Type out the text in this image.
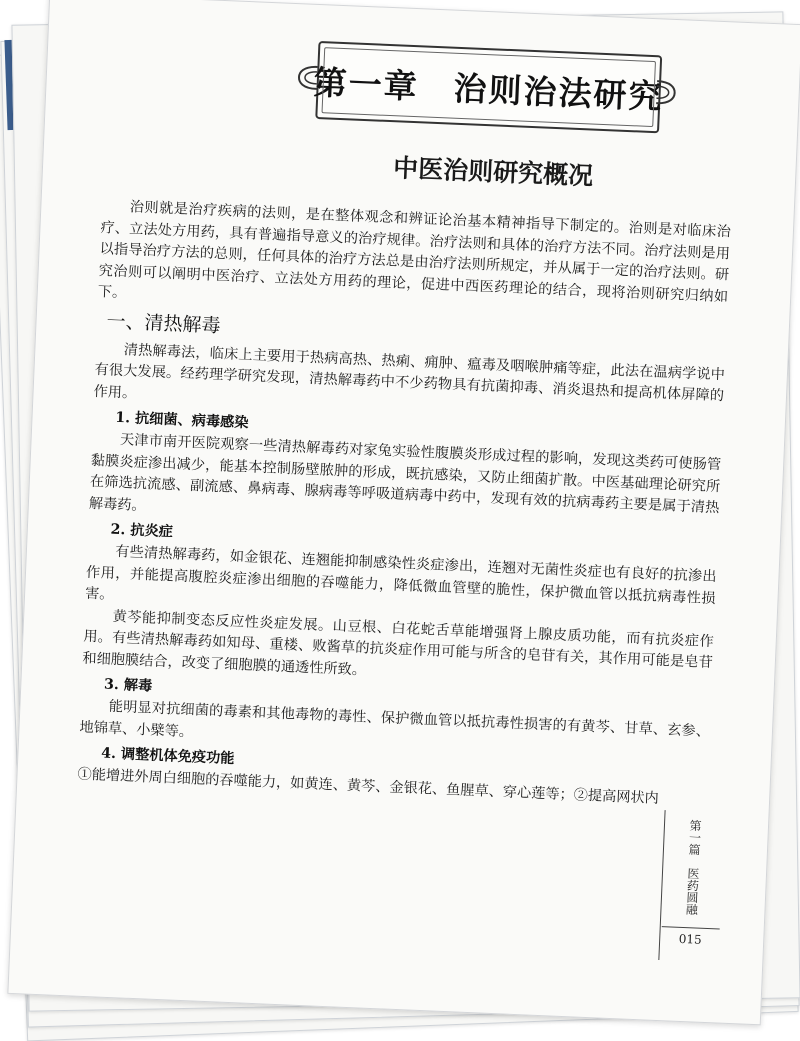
第一章　治则治法研究
中医治则研究概况

治则就是治疗疾病的法则，是在整体观念和辨证论治基本精神指导下制定的。治则是对临床治疗、立法处方用药，具有普遍指导意义的治疗规律。治疗法则和具体的治疗方法不同。治疗法则是用以指导治疗方法的总则，任何具体的治疗方法总是由治疗法则所规定，并从属于一定的治疗法则。研究治则可以阐明中医治疗、立法处方用药的理论，促进中西医药理论的结合，现将治则研究归纳如下。

一、清热解毒

清热解毒法，临床上主要用于热病高热、热痢、痈肿、瘟毒及咽喉肿痛等症，此法在温病学说中有很大发展。经药理学研究发现，清热解毒药中不少药物具有抗菌抑毒、消炎退热和提高机体屏障的作用。

1. 抗细菌、病毒感染

天津市南开医院观察一些清热解毒药对家兔实验性腹膜炎形成过程的影响，发现这类药可使肠管黏膜炎症渗出减少，能基本控制肠壁脓肿的形成，既抗感染，又防止细菌扩散。中医基础理论研究所在筛选抗流感、副流感、鼻病毒、腺病毒等呼吸道病毒中药中，发现有效的抗病毒药主要是属于清热解毒药。

2. 抗炎症

有些清热解毒药，如金银花、连翘能抑制感染性炎症渗出，连翘对无菌性炎症也有良好的抗渗出作用，并能提高腹腔炎症渗出细胞的吞噬能力，降低微血管壁的脆性，保护微血管以抵抗病毒性损害。

黄芩能抑制变态反应性炎症发展。山豆根、白花蛇舌草能增强肾上腺皮质功能，而有抗炎症作用。有些清热解毒药如知母、重楼、败酱草的抗炎症作用可能与所含的皂苷有关，其作用可能是皂苷和细胞膜结合，改变了细胞膜的通透性所致。

3. 解毒

能明显对抗细菌的毒素和其他毒物的毒性、保护微血管以抵抗毒性损害的有黄芩、甘草、玄参、地锦草、小檗等。

4. 调整机体免疫功能

①能增进外周白细胞的吞噬能力，如黄连、黄芩、金银花、鱼腥草、穿心莲等；②提高网状内

第一篇
医药圆融
015
